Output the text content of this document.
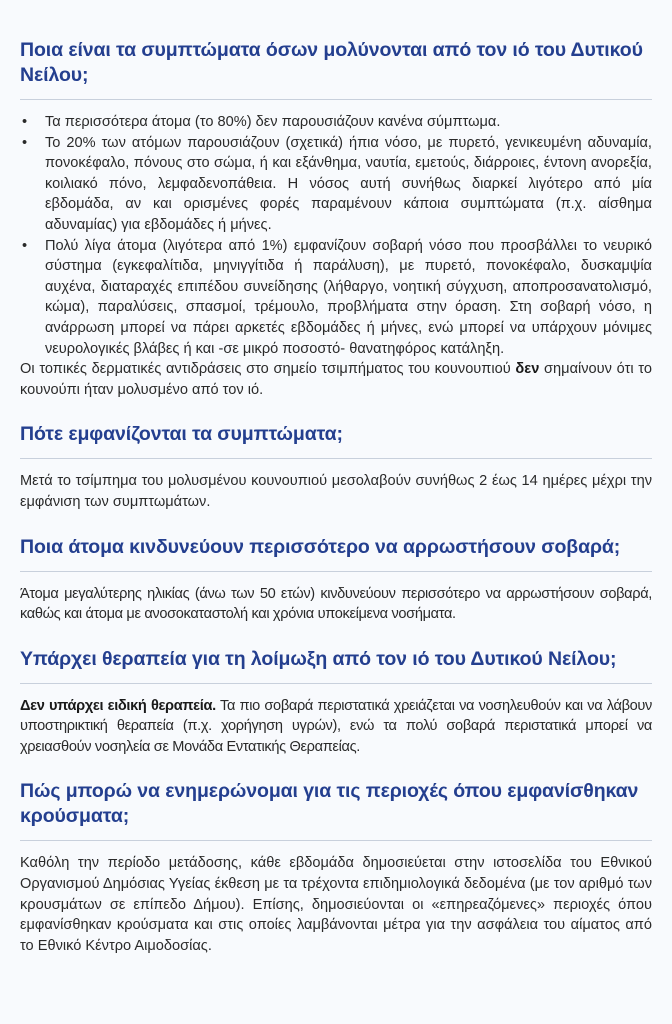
Ποια είναι τα συμπτώματα όσων μολύνονται από τον ιό του Δυτικού Νείλου;
• Τα περισσότερα άτομα (το 80%) δεν παρουσιάζουν κανένα σύμπτωμα.
• Το 20% των ατόμων παρουσιάζουν (σχετικά) ήπια νόσο, με πυρετό, γενικευμένη αδυναμία, πονοκέφαλο, πόνους στο σώμα, ή και εξάνθημα, ναυτία, εμετούς, διάρροιες, έντονη ανορεξία, κοιλιακό πόνο, λεμφαδενοπάθεια. Η νόσος αυτή συνήθως διαρκεί λιγότερο από μία εβδομάδα, αν και ορισμένες φορές παραμένουν κάποια συμπτώματα (π.χ. αίσθημα αδυναμίας) για εβδομάδες ή μήνες.
• Πολύ λίγα άτομα (λιγότερα από 1%) εμφανίζουν σοβαρή νόσο που προσβάλλει το νευρικό σύστημα (εγκεφαλίτιδα, μηνιγγίτιδα ή παράλυση), με πυρετό, πονοκέφαλο, δυσκαμψία αυχένα, διαταραχές επιπέδου συνείδησης (λήθαργο, νοητική σύγχυση, αποπροσανατολισμό, κώμα), παραλύσεις, σπασμοί, τρέμουλο, προβλήματα στην όραση. Στη σοβαρή νόσο, η ανάρρωση μπορεί να πάρει αρκετές εβδομάδες ή μήνες, ενώ μπορεί να υπάρχουν μόνιμες νευρολογικές βλάβες ή και -σε μικρό ποσοστό- θανατηφόρος κατάληξη.

Οι τοπικές δερματικές αντιδράσεις στο σημείο τσιμπήματος του κουνουπιού δεν σημαίνουν ότι το κουνούπι ήταν μολυσμένο από τον ιό.

Πότε εμφανίζονται τα συμπτώματα;

Μετά το τσίμπημα του μολυσμένου κουνουπιού μεσολαβούν συνήθως 2 έως 14 ημέρες μέχρι την εμφάνιση των συμπτωμάτων.

Ποια άτομα κινδυνεύουν περισσότερο να αρρωστήσουν σοβαρά;

Άτομα μεγαλύτερης ηλικίας (άνω των 50 ετών) κινδυνεύουν περισσότερο να αρρωστήσουν σοβαρά, καθώς και άτομα με ανοσοκαταστολή και χρόνια υποκείμενα νοσήματα.

Υπάρχει θεραπεία για τη λοίμωξη από τον ιό του Δυτικού Νείλου;

Δεν υπάρχει ειδική θεραπεία. Τα πιο σοβαρά περιστατικά χρειάζεται να νοσηλευθούν και να λάβουν υποστηρικτική θεραπεία (π.χ. χορήγηση υγρών), ενώ τα πολύ σοβαρά περιστατικά μπορεί να χρειασθούν νοσηλεία σε Μονάδα Εντατικής Θεραπείας.

Πώς μπορώ να ενημερώνομαι για τις περιοχές όπου εμφανίσθηκαν κρούσματα;

Καθόλη την περίοδο μετάδοσης, κάθε εβδομάδα δημοσιεύεται στην ιστοσελίδα του Εθνικού Οργανισμού Δημόσιας Υγείας έκθεση με τα τρέχοντα επιδημιολογικά δεδομένα (με τον αριθμό των κρουσμάτων σε επίπεδο Δήμου). Επίσης, δημοσιεύονται οι «επηρεαζόμενες» περιοχές όπου εμφανίσθηκαν κρούσματα και στις οποίες λαμβάνονται μέτρα για την ασφάλεια του αίματος από το Εθνικό Κέντρο Αιμοδοσίας.
